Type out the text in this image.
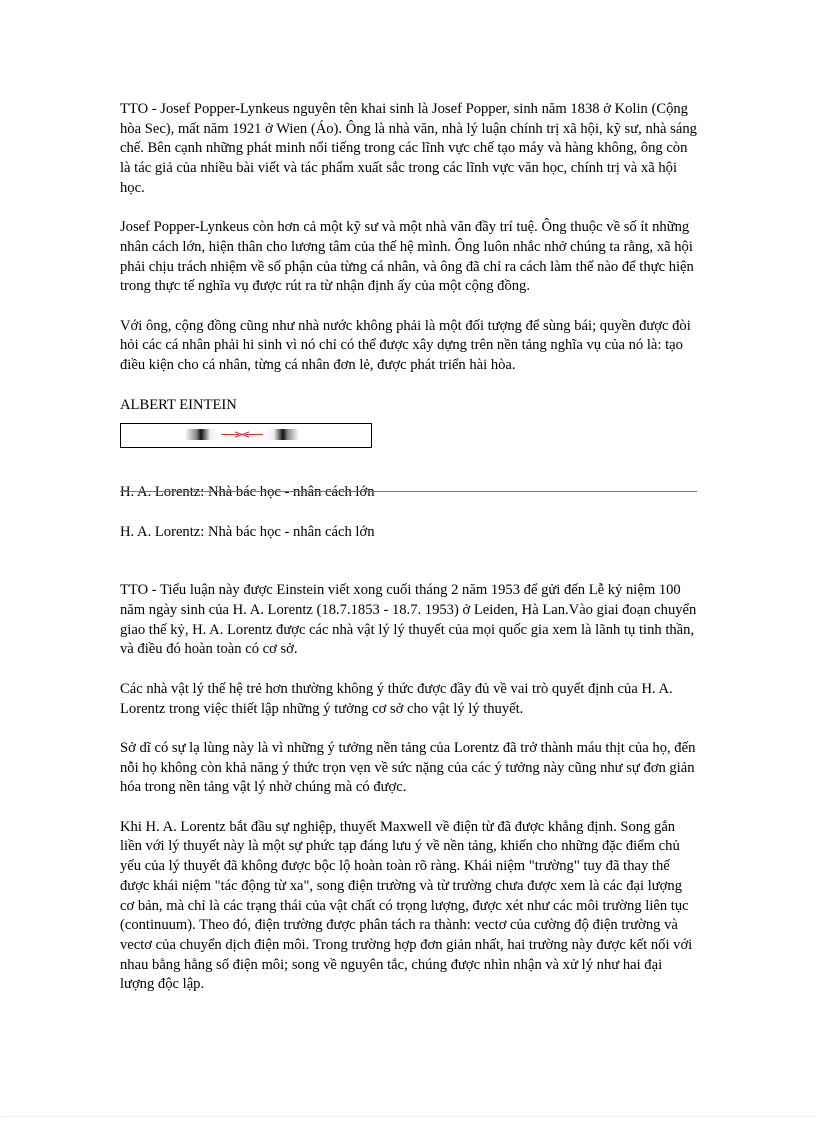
TTO - Josef Popper-Lynkeus nguyên tên khai sinh là Josef Popper, sinh năm 1838 ở Kolin (Cộng hòa Sec), mất năm 1921 ở Wien (Áo). Ông là nhà văn, nhà lý luận chính trị xã hội, kỹ sư, nhà sáng chế. Bên cạnh những phát minh nổi tiếng trong các lĩnh vực chế tạo máy và hàng không, ông còn là tác giả của nhiều bài viết và tác phẩm xuất sắc trong các lĩnh vực văn học, chính trị và xã hội học.

Josef Popper-Lynkeus còn hơn cả một kỹ sư và một nhà văn đầy trí tuệ. Ông thuộc về số ít những nhân cách lớn, hiện thân cho lương tâm của thế hệ mình. Ông luôn nhắc nhở chúng ta rằng, xã hội phải chịu trách nhiệm về số phận của từng cá nhân, và ông đã chỉ ra cách làm thế nào để thực hiện trong thực tế nghĩa vụ được rút ra từ nhận định ấy của một cộng đồng.

Với ông, cộng đồng cũng như nhà nước không phải là một đối tượng để sùng bái; quyền được đòi hỏi các cá nhân phải hi sinh vì nó chỉ có thể được xây dựng trên nền tảng nghĩa vụ của nó là: tạo điều kiện cho cá nhân, từng cá nhân đơn lẻ, được phát triển hài hòa.

ALBERT EINTEIN

H. A. Lorentz: Nhà bác học - nhân cách lớn

H. A. Lorentz: Nhà bác học - nhân cách lớn

TTO - Tiểu luận này được Einstein viết xong cuối tháng 2 năm 1953 để gửi đến Lễ kỷ niệm 100 năm ngày sinh của H. A. Lorentz (18.7.1853 - 18.7. 1953) ở Leiden, Hà Lan.Vào giai đoạn chuyển giao thế kỷ, H. A. Lorentz được các nhà vật lý lý thuyết của mọi quốc gia xem là lãnh tụ tinh thần, và điều đó hoàn toàn có cơ sở.

Các nhà vật lý thế hệ trẻ hơn thường không ý thức được đầy đủ về vai trò quyết định của H. A. Lorentz trong việc thiết lập những ý tưởng cơ sở cho vật lý lý thuyết.

Sở dĩ có sự lạ lùng này là vì những ý tưởng nền tảng của Lorentz đã trở thành máu thịt của họ, đến nỗi họ không còn khả năng ý thức trọn vẹn về sức nặng của các ý tưởng này cũng như sự đơn giản hóa trong nền tảng vật lý nhờ chúng mà có được.

Khi H. A. Lorentz bắt đầu sự nghiệp, thuyết Maxwell về điện từ đã được khẳng định. Song gắn liền với lý thuyết này là một sự phức tạp đáng lưu ý về nền tảng, khiến cho những đặc điểm chủ yếu của lý thuyết đã không được bộc lộ hoàn toàn rõ ràng. Khái niệm "trường" tuy đã thay thế được khái niệm "tác động từ xa", song điện trường và từ trường chưa được xem là các đại lượng cơ bản, mà chỉ là các trạng thái của vật chất có trọng lượng, được xét như các môi trường liên tục (continuum). Theo đó, điện trường được phân tách ra thành: vectơ của cường độ điện trường và vectơ của chuyển dịch điện môi. Trong trường hợp đơn giản nhất, hai trường này được kết nối với nhau bằng hằng số điện môi; song về nguyên tắc, chúng được nhìn nhận và xử lý như hai đại lượng độc lập.
